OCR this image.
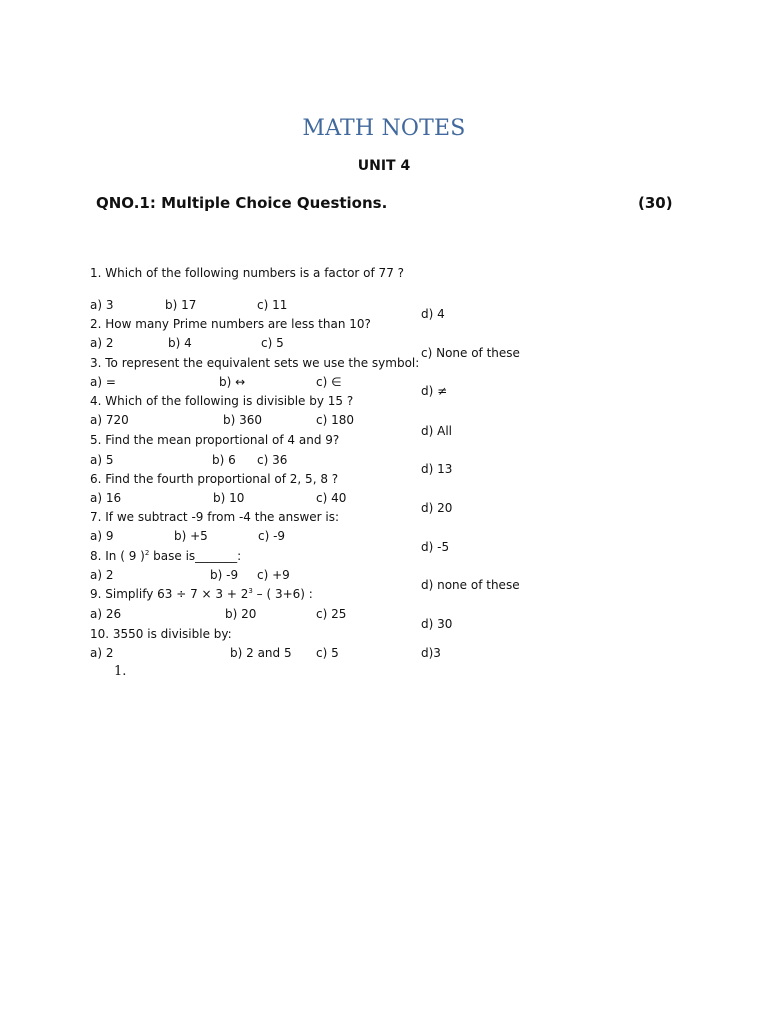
MATH NOTES
UNIT 4
QNO.1: Multiple Choice Questions.	(30)
1. Which of the following numbers is a factor of 77 ?
a) 3	b) 17	c) 11
d) 4
2. How many Prime numbers are less than 10?
a) 2	b) 4	c) 5
c) None of these
3. To represent the equivalent sets we use the symbol:
a) =	b) ↔	c) ∈
d) ≠
4. Which of the following is divisible by 15 ?
a) 720	b) 360	c) 180
d) All
5. Find the mean proportional of 4 and 9?
a) 5	b) 6 c) 36
d) 13
6. Find the fourth proportional of 2, 5, 8 ?
a) 16	b) 10	c) 40
d) 20
7. If we subtract -9 from -4 the answer is:
a) 9	b) +5	c) -9
d) -5
8. In ( 9 )$^2$ base is_______:
a) 2	b) -9 c) +9
d) none of these
9. Simplify $63 \div 7 \times 3 + 2^3$ – ( 3+6) :
a) 26	b) 20	c) 25
d) 30
10. 3550 is divisible by:
a) 2	b) 2 and 5 c) 5	d)3
1.
